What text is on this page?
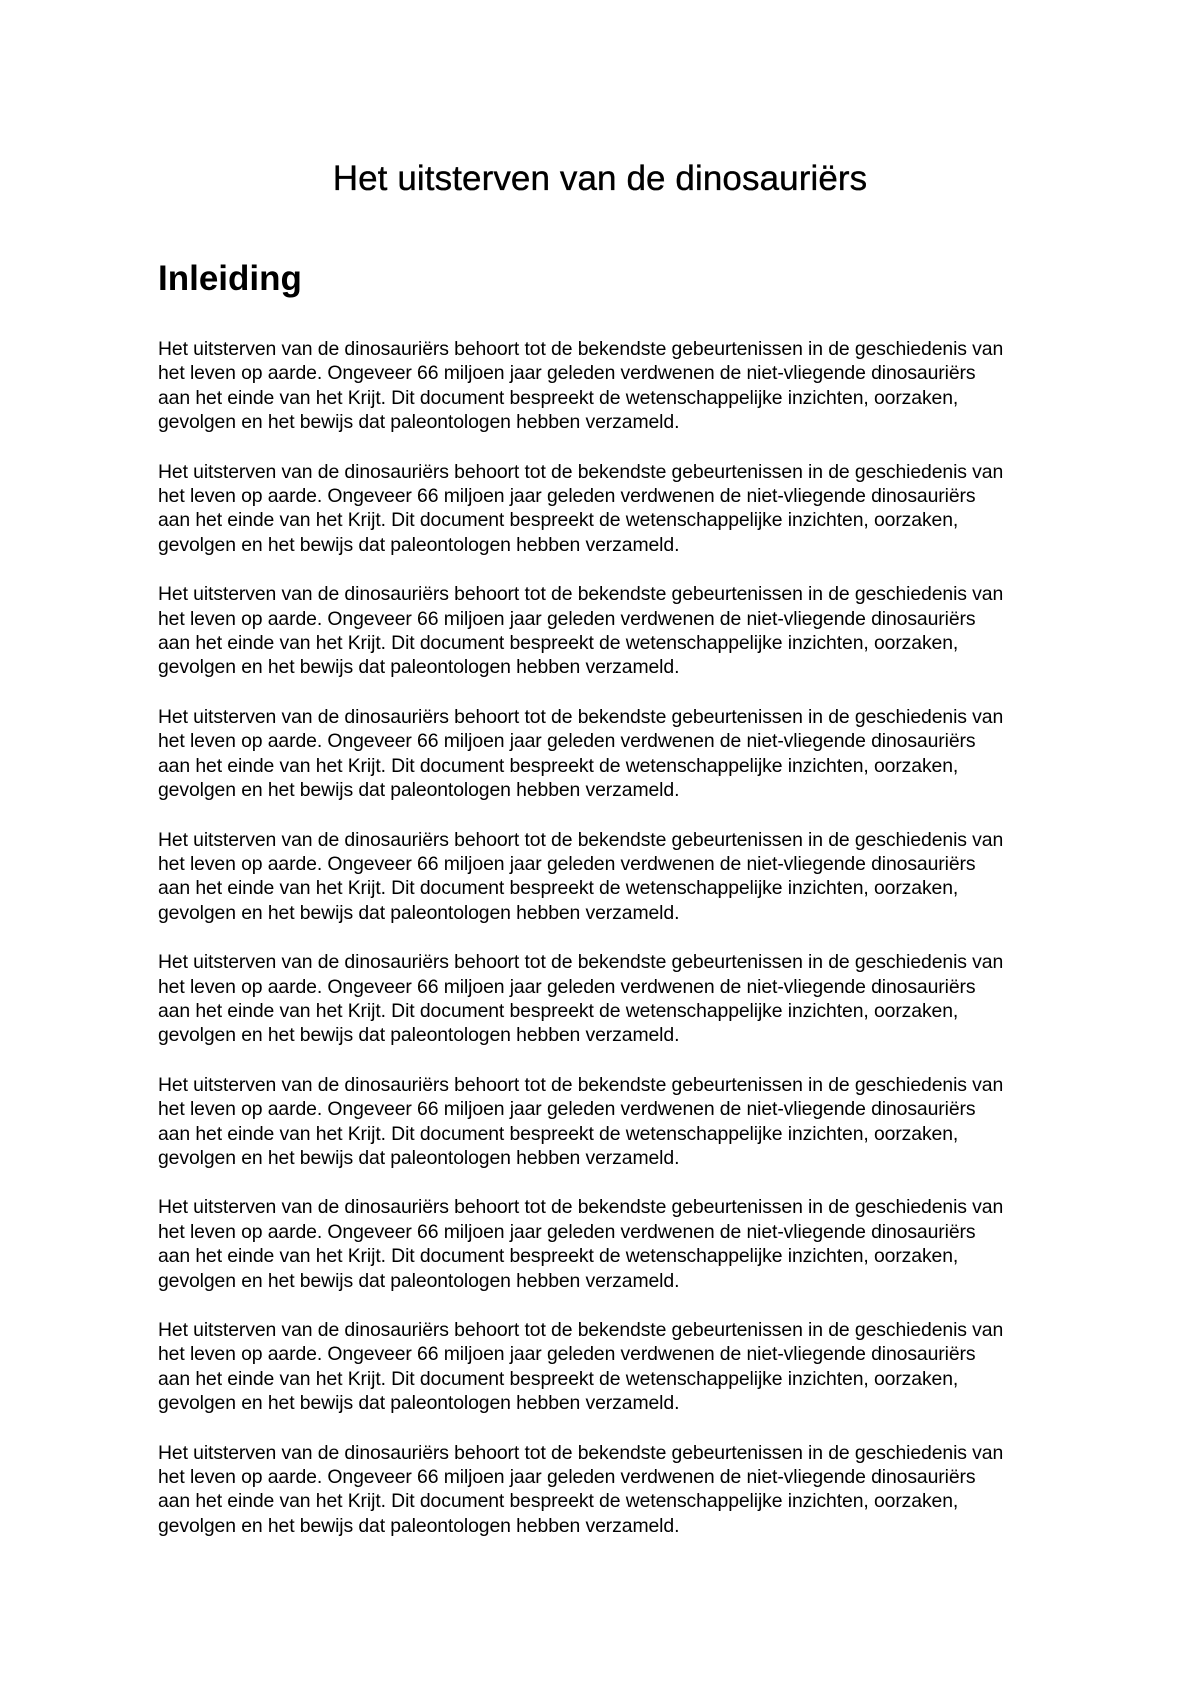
Het uitsterven van de dinosauriërs
Inleiding

Het uitsterven van de dinosauriërs behoort tot de bekendste gebeurtenissen in de geschiedenis van
het leven op aarde. Ongeveer 66 miljoen jaar geleden verdwenen de niet-vliegende dinosauriërs
aan het einde van het Krijt. Dit document bespreekt de wetenschappelijke inzichten, oorzaken,
gevolgen en het bewijs dat paleontologen hebben verzameld.

Het uitsterven van de dinosauriërs behoort tot de bekendste gebeurtenissen in de geschiedenis van
het leven op aarde. Ongeveer 66 miljoen jaar geleden verdwenen de niet-vliegende dinosauriërs
aan het einde van het Krijt. Dit document bespreekt de wetenschappelijke inzichten, oorzaken,
gevolgen en het bewijs dat paleontologen hebben verzameld.

Het uitsterven van de dinosauriërs behoort tot de bekendste gebeurtenissen in de geschiedenis van
het leven op aarde. Ongeveer 66 miljoen jaar geleden verdwenen de niet-vliegende dinosauriërs
aan het einde van het Krijt. Dit document bespreekt de wetenschappelijke inzichten, oorzaken,
gevolgen en het bewijs dat paleontologen hebben verzameld.

Het uitsterven van de dinosauriërs behoort tot de bekendste gebeurtenissen in de geschiedenis van
het leven op aarde. Ongeveer 66 miljoen jaar geleden verdwenen de niet-vliegende dinosauriërs
aan het einde van het Krijt. Dit document bespreekt de wetenschappelijke inzichten, oorzaken,
gevolgen en het bewijs dat paleontologen hebben verzameld.

Het uitsterven van de dinosauriërs behoort tot de bekendste gebeurtenissen in de geschiedenis van
het leven op aarde. Ongeveer 66 miljoen jaar geleden verdwenen de niet-vliegende dinosauriërs
aan het einde van het Krijt. Dit document bespreekt de wetenschappelijke inzichten, oorzaken,
gevolgen en het bewijs dat paleontologen hebben verzameld.

Het uitsterven van de dinosauriërs behoort tot de bekendste gebeurtenissen in de geschiedenis van
het leven op aarde. Ongeveer 66 miljoen jaar geleden verdwenen de niet-vliegende dinosauriërs
aan het einde van het Krijt. Dit document bespreekt de wetenschappelijke inzichten, oorzaken,
gevolgen en het bewijs dat paleontologen hebben verzameld.

Het uitsterven van de dinosauriërs behoort tot de bekendste gebeurtenissen in de geschiedenis van
het leven op aarde. Ongeveer 66 miljoen jaar geleden verdwenen de niet-vliegende dinosauriërs
aan het einde van het Krijt. Dit document bespreekt de wetenschappelijke inzichten, oorzaken,
gevolgen en het bewijs dat paleontologen hebben verzameld.

Het uitsterven van de dinosauriërs behoort tot de bekendste gebeurtenissen in de geschiedenis van
het leven op aarde. Ongeveer 66 miljoen jaar geleden verdwenen de niet-vliegende dinosauriërs
aan het einde van het Krijt. Dit document bespreekt de wetenschappelijke inzichten, oorzaken,
gevolgen en het bewijs dat paleontologen hebben verzameld.

Het uitsterven van de dinosauriërs behoort tot de bekendste gebeurtenissen in de geschiedenis van
het leven op aarde. Ongeveer 66 miljoen jaar geleden verdwenen de niet-vliegende dinosauriërs
aan het einde van het Krijt. Dit document bespreekt de wetenschappelijke inzichten, oorzaken,
gevolgen en het bewijs dat paleontologen hebben verzameld.

Het uitsterven van de dinosauriërs behoort tot de bekendste gebeurtenissen in de geschiedenis van
het leven op aarde. Ongeveer 66 miljoen jaar geleden verdwenen de niet-vliegende dinosauriërs
aan het einde van het Krijt. Dit document bespreekt de wetenschappelijke inzichten, oorzaken,
gevolgen en het bewijs dat paleontologen hebben verzameld.
